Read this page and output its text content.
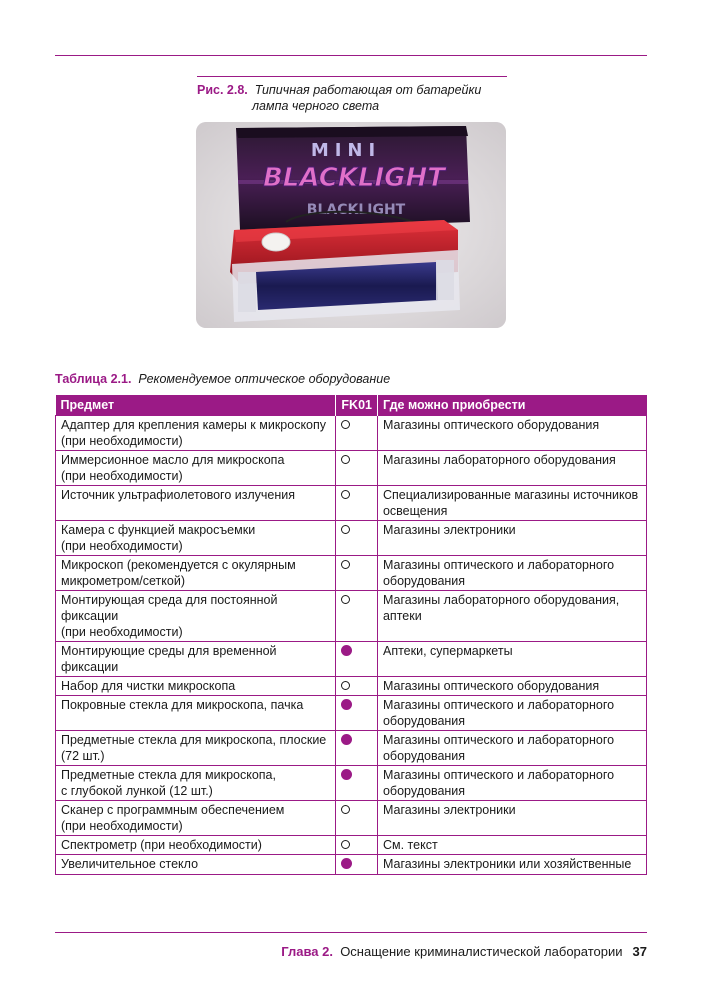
Рис. 2.8. Типичная работающая от батарейки
лампа черного света
MINI
BLACKLIGHT
BLACKLIGHT
Таблица 2.1. Рекомендуемое оптическое оборудование
Предмет	FK01	Где можно приобрести
Адаптер для крепления камеры к микроскопу
(при необходимости)		Магазины оптического оборудования
Иммерсионное масло для микроскопа
(при необходимости)		Магазины лабораторного оборудования
Источник ультрафиолетового излучения		Специализированные магазины источников
освещения
Камера с функцией макросъемки
(при необходимости)		Магазины электроники
Микроскоп (рекомендуется с окулярным
микрометром/сеткой)		Магазины оптического и лабораторного
оборудования
Монтирующая среда для постоянной фиксации
(при необходимости)		Магазины лабораторного оборудования,
аптеки
Монтирующие среды для временной фиксации		Аптеки, супермаркеты
Набор для чистки микроскопа		Магазины оптического оборудования
Покровные стекла для микроскопа, пачка		Магазины оптического и лабораторного
оборудования
Предметные стекла для микроскопа, плоские
(72 шт.)		Магазины оптического и лабораторного
оборудования
Предметные стекла для микроскопа,
с глубокой лункой (12 шт.)		Магазины оптического и лабораторного
оборудования
Сканер с программным обеспечением
(при необходимости)		Магазины электроники
Спектрометр (при необходимости)		См. текст
Увеличительное стекло		Магазины электроники или хозяйственные
Глава 2. Оснащение криминалистической лаборатории 37
